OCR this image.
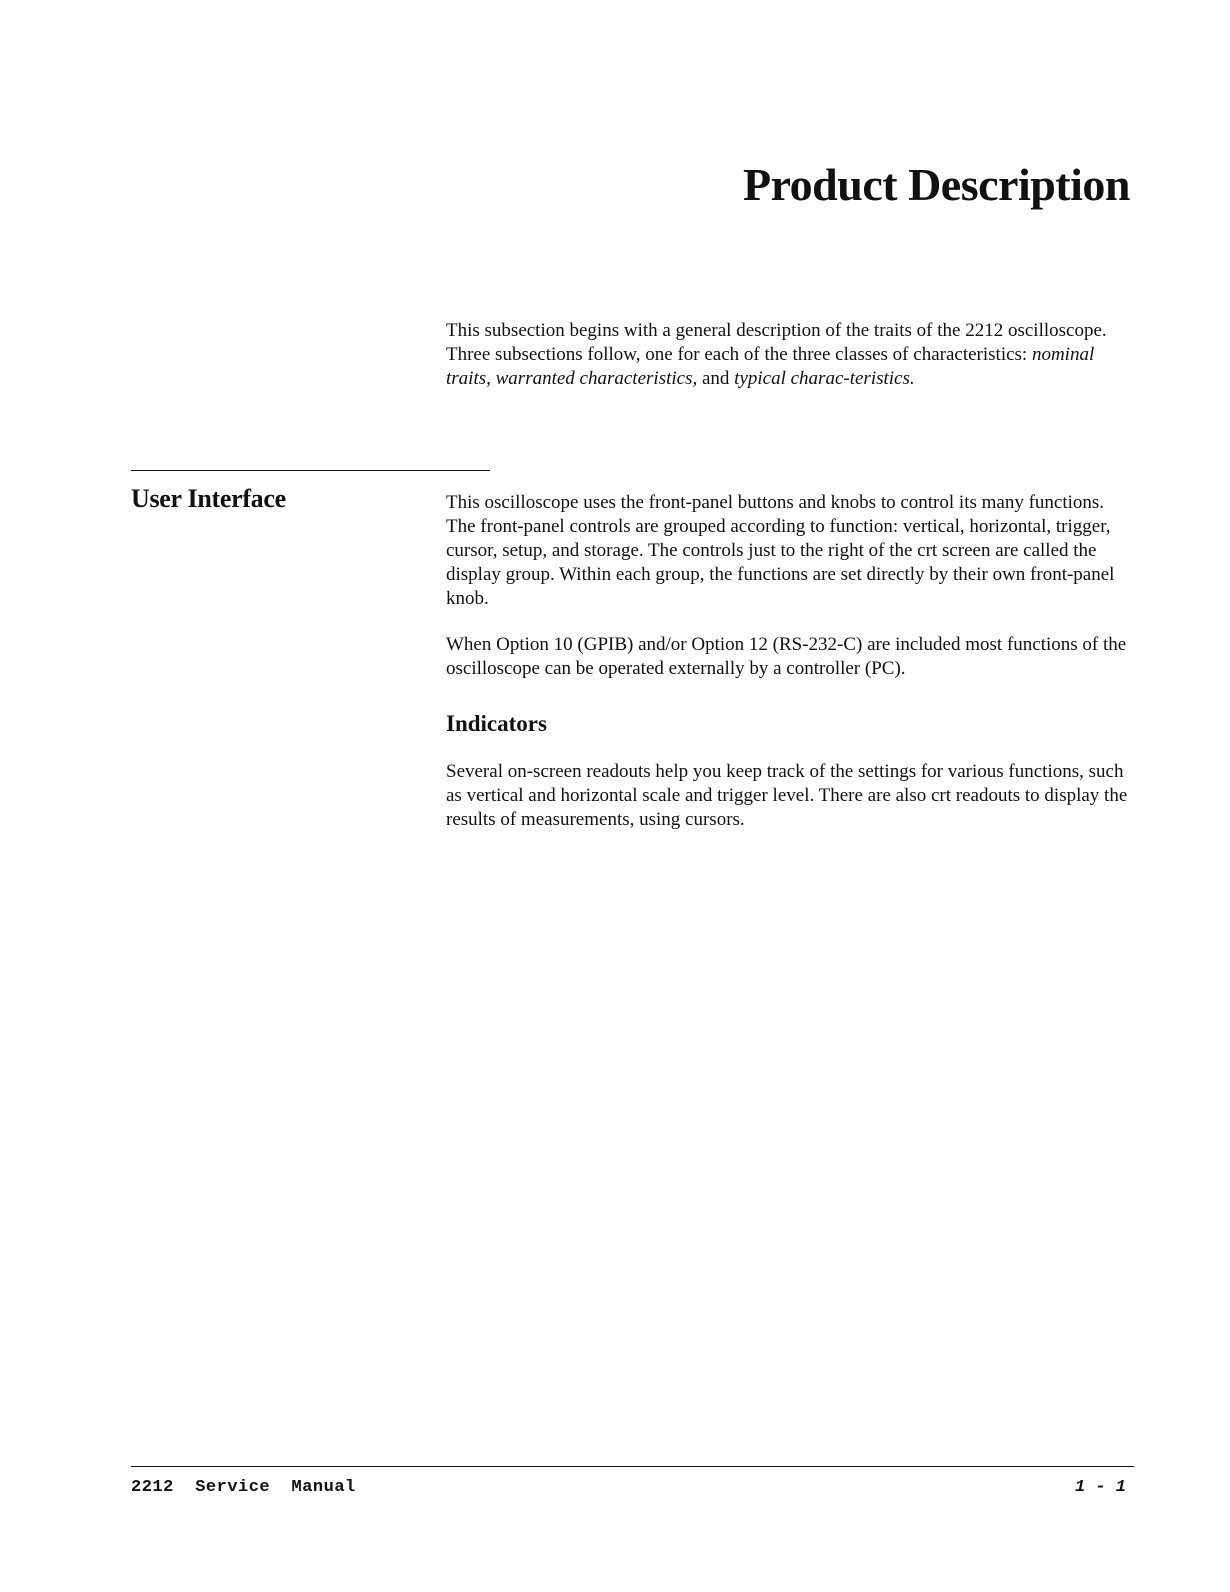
Product Description

This subsection begins with a general description of the traits of the 2212 oscilloscope. Three subsections follow, one for each of the three classes of characteristics: nominal traits, warranted characteristics, and typical charac-teristics.

User Interface	This oscilloscope uses the front-panel buttons and knobs to control its many functions. The front-panel controls are grouped according to function: vertical, horizontal, trigger, cursor, setup, and storage. The controls just to the right of the crt screen are called the display group. Within each group, the functions are set directly by their own front-panel knob.

When Option 10 (GPIB) and/or Option 12 (RS-232-C) are included most functions of the oscilloscope can be operated externally by a controller (PC).

Indicators

Several on-screen readouts help you keep track of the settings for various functions, such as vertical and horizontal scale and trigger level. There are also crt readouts to display the results of measurements, using cursors.

2212  Service  Manual	1 - 1
